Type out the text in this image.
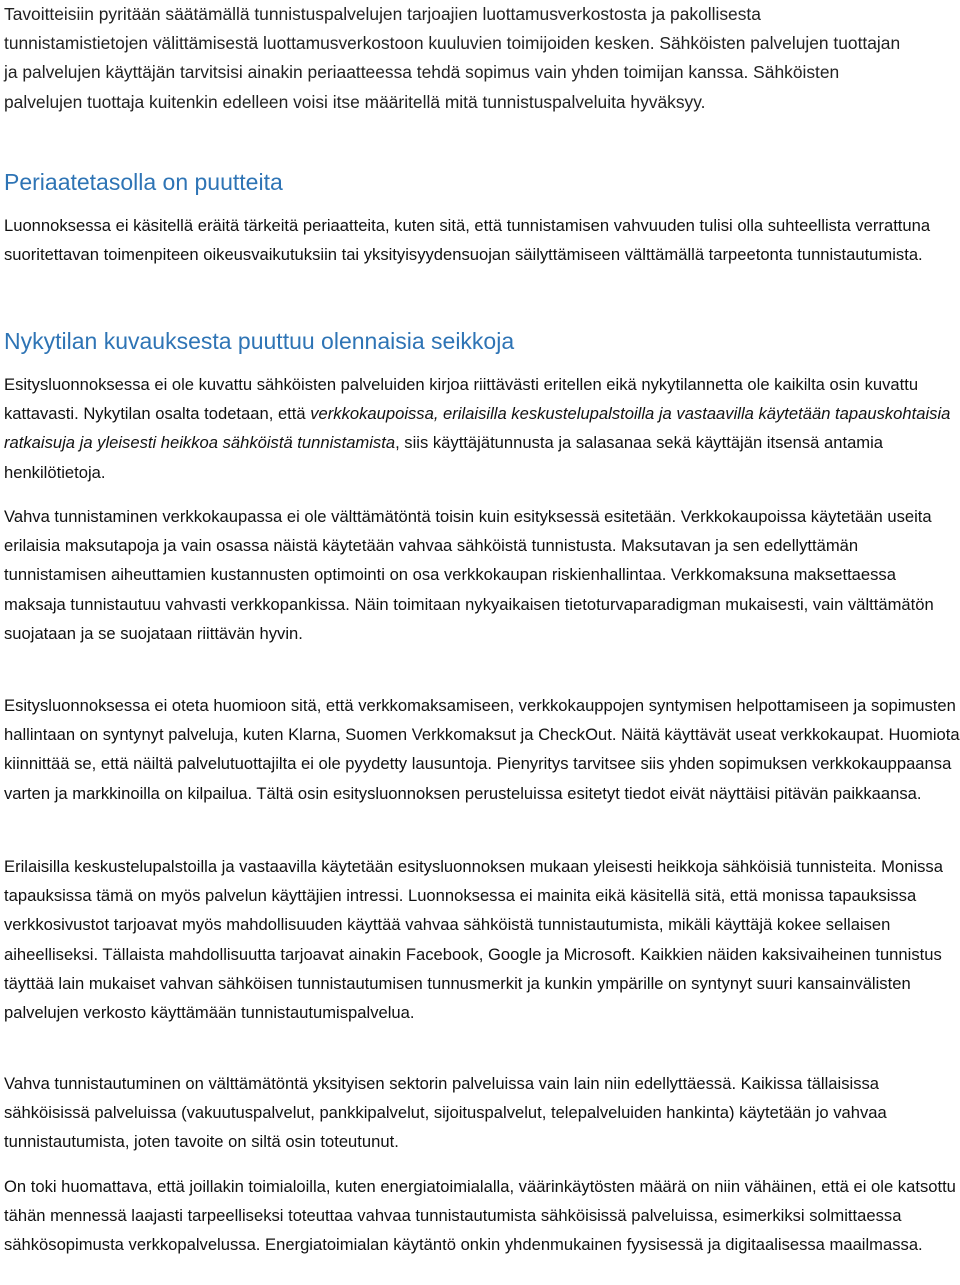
Tavoitteisiin pyritään säätämällä tunnistuspalvelujen tarjoajien luottamusverkostosta ja pakollisesta tunnistamistietojen välittämisestä luottamusverkostoon kuuluvien toimijoiden kesken. Sähköisten palvelujen tuottajan ja palvelujen käyttäjän tarvitsisi ainakin periaatteessa tehdä sopimus vain yhden toimijan kanssa. Sähköisten palvelujen tuottaja kuitenkin edelleen voisi itse määritellä mitä tunnistuspalveluita hyväksyy.

Periaatetasolla on puutteita

Luonnoksessa ei käsitellä eräitä tärkeitä periaatteita, kuten sitä, että tunnistamisen vahvuuden tulisi olla suhteellista verrattuna suoritettavan toimenpiteen oikeusvaikutuksiin tai yksityisyydensuojan säilyttämiseen välttämällä tarpeetonta tunnistautumista.

Nykytilan kuvauksesta puuttuu olennaisia seikkoja

Esitysluonnoksessa ei ole kuvattu sähköisten palveluiden kirjoa riittävästi eritellen eikä nykytilannetta ole kaikilta osin kuvattu kattavasti. Nykytilan osalta todetaan, että verkkokaupoissa, erilaisilla keskustelupalstoilla ja vastaavilla käytetään tapauskohtaisia ratkaisuja ja yleisesti heikkoa sähköistä tunnistamista, siis käyttäjätunnusta ja salasanaa sekä käyttäjän itsensä antamia henkilötietoja.

Vahva tunnistaminen verkkokaupassa ei ole välttämätöntä toisin kuin esityksessä esitetään. Verkkokaupoissa käytetään useita erilaisia maksutapoja ja vain osassa näistä käytetään vahvaa sähköistä tunnistusta. Maksutavan ja sen edellyttämän tunnistamisen aiheuttamien kustannusten optimointi on osa verkkokaupan riskienhallintaa. Verkkomaksuna maksettaessa maksaja tunnistautuu vahvasti verkkopankissa. Näin toimitaan nykyaikaisen tietoturvaparadigman mukaisesti, vain välttämätön suojataan ja se suojataan riittävän hyvin.

Esitysluonnoksessa ei oteta huomioon sitä, että verkkomaksamiseen, verkkokauppojen syntymisen helpottamiseen ja sopimusten hallintaan on syntynyt palveluja, kuten Klarna, Suomen Verkkomaksut ja CheckOut. Näitä käyttävät useat verkkokaupat. Huomiota kiinnittää se, että näiltä palvelutuottajilta ei ole pyydetty lausuntoja. Pienyritys tarvitsee siis yhden sopimuksen verkkokauppaansa varten ja markkinoilla on kilpailua. Tältä osin esitysluonnoksen perusteluissa esitetyt tiedot eivät näyttäisi pitävän paikkaansa.

Erilaisilla keskustelupalstoilla ja vastaavilla käytetään esitysluonnoksen mukaan yleisesti heikkoja sähköisiä tunnisteita. Monissa tapauksissa tämä on myös palvelun käyttäjien intressi. Luonnoksessa ei mainita eikä käsitellä sitä, että monissa tapauksissa verkkosivustot tarjoavat myös mahdollisuuden käyttää vahvaa sähköistä tunnistautumista, mikäli käyttäjä kokee sellaisen aiheelliseksi. Tällaista mahdollisuutta tarjoavat ainakin Facebook, Google ja Microsoft. Kaikkien näiden kaksivaiheinen tunnistus täyttää lain mukaiset vahvan sähköisen tunnistautumisen tunnusmerkit ja kunkin ympärille on syntynyt suuri kansainvälisten palvelujen verkosto käyttämään tunnistautumispalvelua.

Vahva tunnistautuminen on välttämätöntä yksityisen sektorin palveluissa vain lain niin edellyttäessä. Kaikissa tällaisissa sähköisissä palveluissa (vakuutuspalvelut, pankkipalvelut, sijoituspalvelut, telepalveluiden hankinta) käytetään jo vahvaa tunnistautumista, joten tavoite on siltä osin toteutunut.

On toki huomattava, että joillakin toimialoilla, kuten energiatoimialalla, väärinkäytösten määrä on niin vähäinen, että ei ole katsottu tähän mennessä laajasti tarpeelliseksi toteuttaa vahvaa tunnistautumista sähköisissä palveluissa, esimerkiksi solmittaessa sähkösopimusta verkkopalvelussa. Energiatoimialan käytäntö onkin yhdenmukainen fyysisessä ja digitaalisessa maailmassa.
